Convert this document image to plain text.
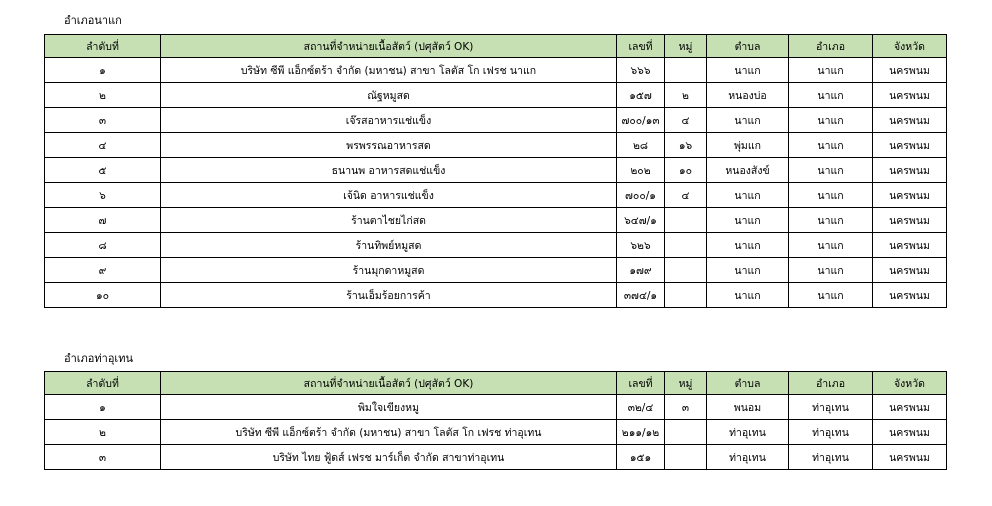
อำเภอนาแก
ลำดับที่	สถานที่จำหน่ายเนื้อสัตว์ (ปศุสัตว์ OK)	เลขที่	หมู่	ตำบล	อำเภอ	จังหวัด
๑	บริษัท ซีพี แอ็กซ์ตร้า จำกัด (มหาชน) สาขา โลตัส โก เฟรช นาแก	๖๖๖		นาแก	นาแก	นครพนม
๒	ณัฐหมูสด	๑๕๗	๒	หนองบ่อ	นาแก	นครพนม
๓	เจ๊รสอาหารแช่แข็ง	๗๐๐/๑๓	๔	นาแก	นาแก	นครพนม
๔	พรพรรณอาหารสด	๒๘	๑๖	พุ่มแก	นาแก	นครพนม
๕	ธนานพ อาหารสดแช่แข็ง	๒๐๒	๑๐	หนองสังข์	นาแก	นครพนม
๖	เจ้นิด อาหารแช่แข็ง	๗๐๐/๑	๔	นาแก	นาแก	นครพนม
๗	ร้านตาไชยไก่สด	๖๔๗/๑		นาแก	นาแก	นครพนม
๘	ร้านทิพย์หมูสด	๖๒๖		นาแก	นาแก	นครพนม
๙	ร้านมุกดาหมูสด	๑๗๙		นาแก	นาแก	นครพนม
๑๐	ร้านเอ็มร้อยการค้า	๓๗๔/๑		นาแก	นาแก	นครพนม
อำเภอท่าอุเทน
ลำดับที่	สถานที่จำหน่ายเนื้อสัตว์ (ปศุสัตว์ OK)	เลขที่	หมู่	ตำบล	อำเภอ	จังหวัด
๑	พิมใจเขียงหมู	๓๒/๔	๓	พนอม	ท่าอุเทน	นครพนม
๒	บริษัท ซีพี แอ็กซ์ตร้า จำกัด (มหาชน) สาขา โลตัส โก เฟรช ท่าอุเทน	๒๑๑/๑๒		ท่าอุเทน	ท่าอุเทน	นครพนม
๓	บริษัท ไทย ฟู้ดส์ เฟรช มาร์เก็ต จำกัด สาขาท่าอุเทน	๑๕๑		ท่าอุเทน	ท่าอุเทน	นครพนม
